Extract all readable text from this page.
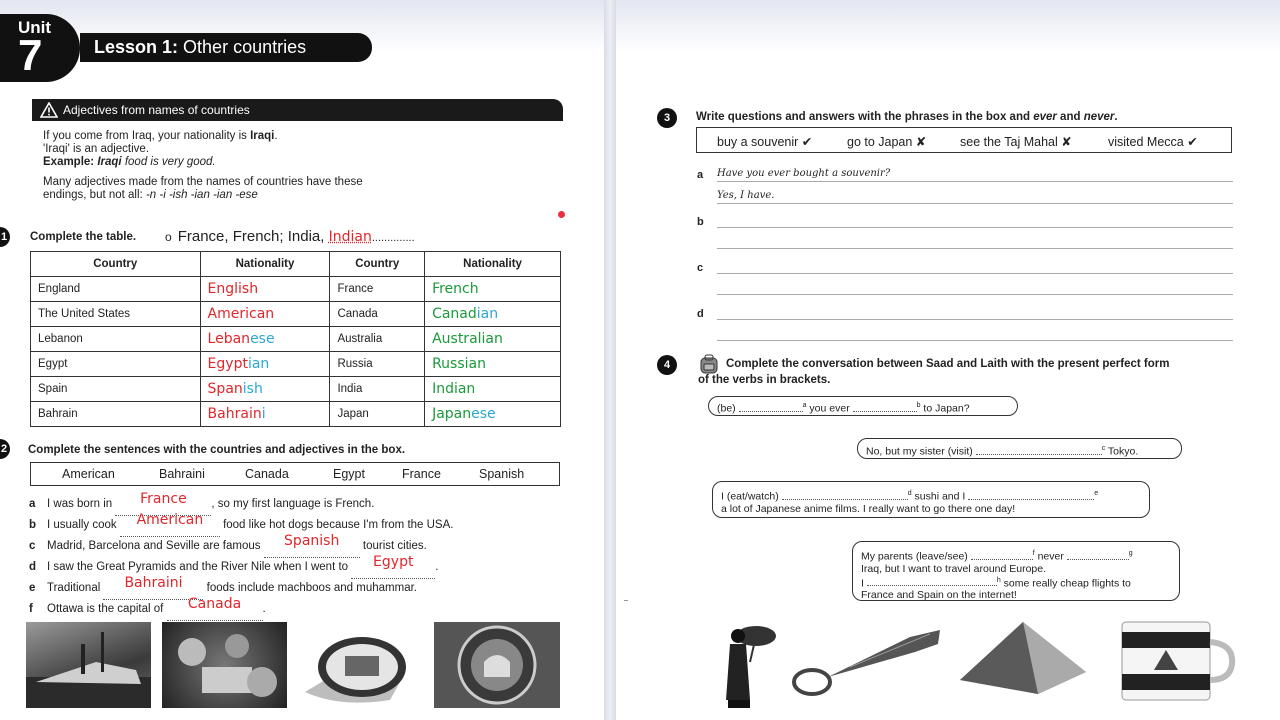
Unit
7	Lesson 1: Other countries
Adjectives from names of countries
If you come from Iraq, your nationality is Iraqi.
'Iraqi' is an adjective.
Example: Iraqi food is very good.
Many adjectives made from the names of countries have these
endings, but not all: -n -i -ish -ian -ian -ese
1 Complete the table. o France, French; India, Indian..............
Country	Nationality	Country	Nationality
England	English	France	French
The United States	American	Canada	Canadian
Lebanon	Lebanese	Australia	Australian
Egypt	Egyptian	Russia	Russian
Spain	Spanish	India	Indian
Bahrain	Bahraini	Japan	Japanese
2 Complete the sentences with the countries and adjectives in the box.
American	Bahraini	Canada	Egypt	France	Spanish
a I was born in France , so my first language is French.
b I usually cook American food like hot dogs because I'm from the USA.
c Madrid, Barcelona and Seville are famous Spanish tourist cities.
d I saw the Great Pyramids and the River Nile when I went to Egypt .
e Traditional Bahraini foods include machboos and muhammar.
f Ottawa is the capital of Canada .
3	Write questions and answers with the phrases in the box and ever and never.
buy a souvenir ✔	go to Japan ✘	see the Taj Mahal ✘	visited Mecca ✔
a Have you ever bought a souvenir?
Yes, I have.
b
c
d
4	Complete the conversation between Saad and Laith with the present perfect form
of the verbs in brackets.
(be)	$^a$ you ever	$^b$ to Japan?
No, but my sister (visit)	$^c$ Tokyo.
I (eat/watch)	$^d$ sushi and I	$^e$
a lot of Japanese anime films. I really want to go there one day!
My parents (leave/see)	$^f$ never	$^g$
Iraq, but I want to travel around Europe.
I	$^h$ some really cheap flights to
France and Spain on the internet!
